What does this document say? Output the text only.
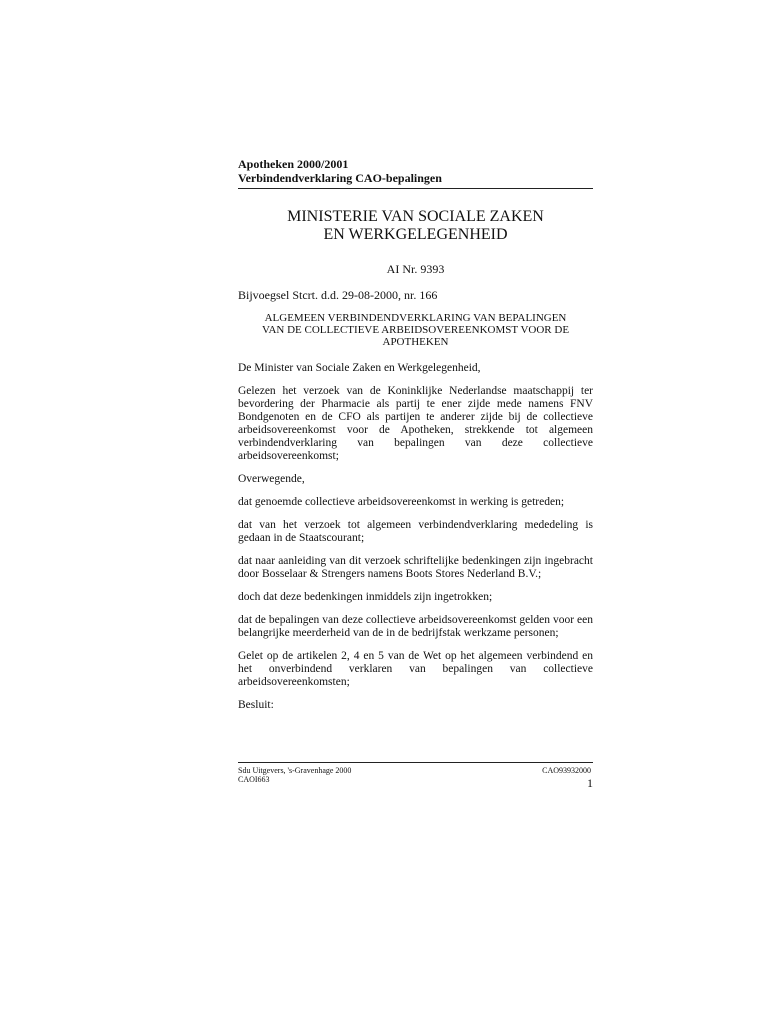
Apotheken 2000/2001
Verbindendverklaring CAO-bepalingen
MINISTERIE VAN SOCIALE ZAKEN
EN WERKGELEGENHEID
AI Nr. 9393
Bijvoegsel Stcrt. d.d. 29-08-2000, nr. 166
ALGEMEEN VERBINDENDVERKLARING VAN BEPALINGEN
VAN DE COLLECTIEVE ARBEIDSOVEREENKOMST VOOR DE
APOTHEKEN

De Minister van Sociale Zaken en Werkgelegenheid,

Gelezen het verzoek van de Koninklijke Nederlandse maatschappij ter bevordering der Pharmacie als partij te ener zijde mede namens FNV Bondgenoten en de CFO als partijen te anderer zijde bij de collectieve arbeidsovereenkomst voor de Apotheken, strekkende tot algemeen verbindendverklaring van bepalingen van deze collectieve arbeidsovereenkomst;

Overwegende,

dat genoemde collectieve arbeidsovereenkomst in werking is getreden;

dat van het verzoek tot algemeen verbindendverklaring mededeling is gedaan in de Staatscourant;

dat naar aanleiding van dit verzoek schriftelijke bedenkingen zijn ingebracht door Bosselaar & Strengers namens Boots Stores Nederland B.V.;

doch dat deze bedenkingen inmiddels zijn ingetrokken;

dat de bepalingen van deze collectieve arbeidsovereenkomst gelden voor een belangrijke meerderheid van de in de bedrijfstak werkzame personen;

Gelet op de artikelen 2, 4 en 5 van de Wet op het algemeen verbindend en het onverbindend verklaren van bepalingen van collectieve arbeidsovereenkomsten;

Besluit:

Sdu Uitgevers, 's-Gravenhage 2000
CAOI663
CAO93932000
1
